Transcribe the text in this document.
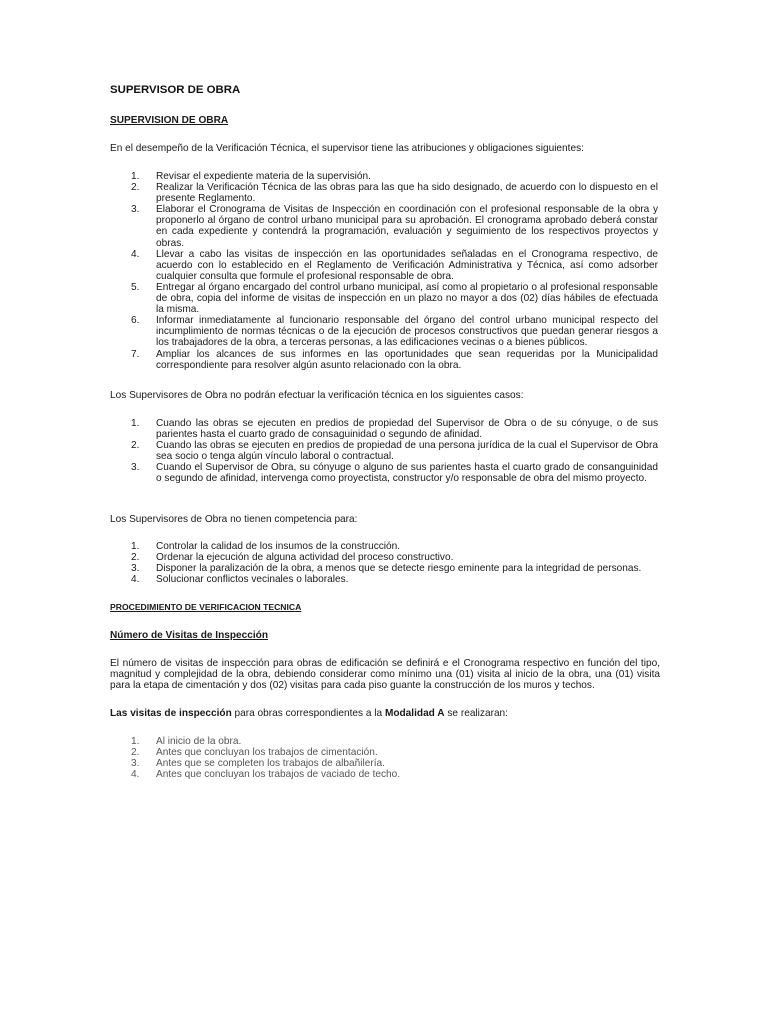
SUPERVISOR DE OBRA
SUPERVISION DE OBRA
En el desempeño de la Verificación Técnica, el supervisor tiene las atribuciones y obligaciones siguientes:
1. Revisar el expediente materia de la supervisión.
2. Realizar la Verificación Técnica de las obras para las que ha sido designado, de acuerdo con lo dispuesto en el presente Reglamento.
3. Elaborar el Cronograma de Visitas de Inspección en coordinación con el profesional responsable de la obra y proponerlo al órgano de control urbano municipal para su aprobación. El cronograma aprobado deberá constar en cada expediente y contendrá la programación, evaluación y seguimiento de los respectivos proyectos y obras.
4. Llevar a cabo las visitas de inspección en las oportunidades señaladas en el Cronograma respectivo, de acuerdo con lo establecido en el Reglamento de Verificación Administrativa y Técnica, así como adsorber cualquier consulta que formule el profesional responsable de obra.
5. Entregar al órgano encargado del control urbano municipal, así como al propietario o al profesional responsable de obra, copia del informe de visitas de inspección en un plazo no mayor a dos (02) días hábiles de efectuada la misma.
6. Informar inmediatamente al funcionario responsable del órgano del control urbano municipal respecto del incumplimiento de normas técnicas o de la ejecución de procesos constructivos que puedan generar riesgos a los trabajadores de la obra, a terceras personas, a las edificaciones vecinas o a bienes públicos.
7. Ampliar los alcances de sus informes en las oportunidades que sean requeridas por la Municipalidad correspondiente para resolver algún asunto relacionado con la obra.
Los Supervisores de Obra no podrán efectuar la verificación técnica en los siguientes casos:
1. Cuando las obras se ejecuten en predios de propiedad del Supervisor de Obra o de su cónyuge, o de sus parientes hasta el cuarto grado de consaguinidad o segundo de afinidad.
2. Cuando las obras se ejecuten en predios de propiedad de una persona jurídica de la cual el Supervisor de Obra sea socio o tenga algún vínculo laboral o contractual.
3. Cuando el Supervisor de Obra, su cónyuge o alguno de sus parientes hasta el cuarto grado de consanguinidad o segundo de afinidad, intervenga como proyectista, constructor y/o responsable de obra del mismo proyecto.
Los Supervisores de Obra no tienen competencia para:
1. Controlar la calidad de los insumos de la construcción.
2. Ordenar la ejecución de alguna actividad del proceso constructivo.
3. Disponer la paralización de la obra, a menos que se detecte riesgo eminente para la integridad de personas.
4. Solucionar conflictos vecinales o laborales.
PROCEDIMIENTO DE VERIFICACION TECNICA
Número de Visitas de Inspección
El número de visitas de inspección para obras de edificación se definirá e el Cronograma respectivo en función del tipo, magnitud y complejidad de la obra, debiendo considerar como mínimo una (01) visita al inicio de la obra, una (01) visita para la etapa de cimentación y dos (02) visitas para cada piso guante la construcción de los muros y techos.
Las visitas de inspección para obras correspondientes a la Modalidad A se realizaran:
1. Al inicio de la obra.
2. Antes que concluyan los trabajos de cimentación.
3. Antes que se completen los trabajos de albañilería.
4. Antes que concluyan los trabajos de vaciado de techo.
